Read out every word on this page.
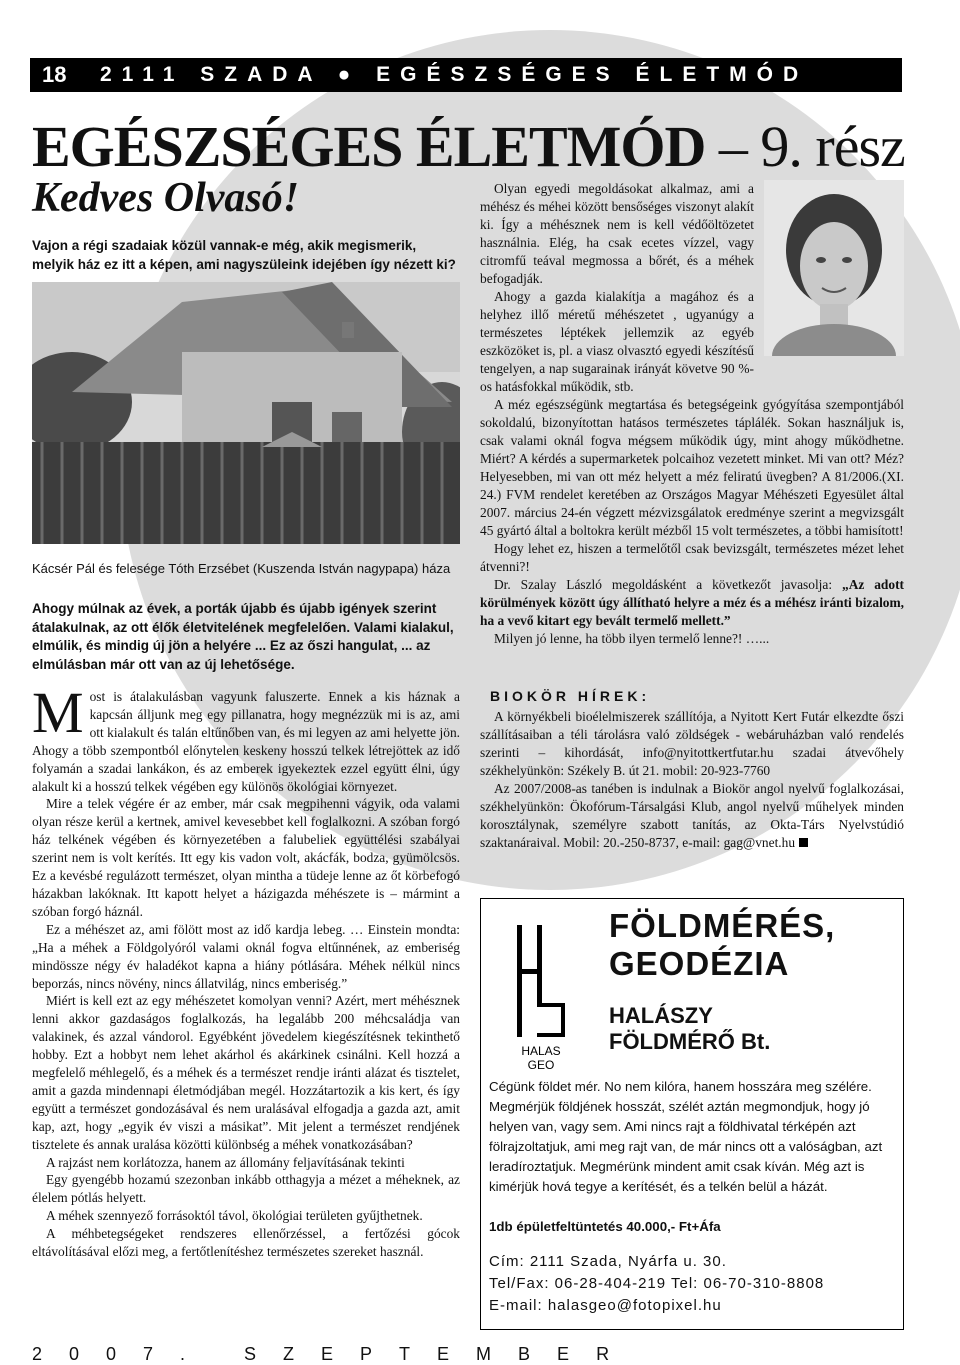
18	2111 SZADA ● EGÉSZSÉGES ÉLETMÓD
EGÉSZSÉGES ÉLETMÓD – 9. rész
Kedves Olvasó!
Vajon a régi szadaiak közül vannak-e még, akik megismerik, melyik ház ez itt a képen, ami nagyszüleink idejében így nézett ki?
Kácsér Pál és felesége Tóth Erzsébet (Kuszenda István nagypapa) háza
Ahogy múlnak az évek, a porták újabb és újabb igények szerint átalakulnak, az ott élők életvitelének megfelelően. Valami kialakul, elmúlik, és mindig új jön a helyére ... Ez az őszi hangulat, ... az elmúlásban már ott van az új lehetősége.

Most is átalakulásban vagyunk faluszerte. Ennek a kis háznak a kapcsán álljunk meg egy pillanatra, hogy megnézzük mi is az, ami ott kialakult és talán eltűnőben van, és mi legyen az ami helyette jön. Ahogy a több szempontból előnytelen keskeny hosszú telkek létrejöttek az idő folyamán a szadai lankákon, és az emberek igyekeztek ezzel együtt élni, úgy alakult ki a hosszú telkek végében egy különös ökológiai környezet.

Mire a telek végére ér az ember, már csak megpihenni vágyik, oda valami olyan része kerül a kertnek, amivel kevesebbet kell foglalkozni. A szóban forgó ház telkének végében és környezetében a falubeliek együttélési szabályai szerint nem is volt kerítés. Itt egy kis vadon volt, akácfák, bodza, gyümölcsös. Ez a kevésbé regulázott természet, olyan mintha a tüdeje lenne az őt körbefogó házakban lakóknak. Itt kapott helyet a házigazda méhészete is – mármint a szóban forgó háznál.

Ez a méhészet az, ami fölött most az idő kardja lebeg. … Einstein mondta: „Ha a méhek a Földgolyóról valami oknál fogva eltűnnének, az emberiség mindössze négy év haladékot kapna a hiány pótlására. Méhek nélkül nincs beporzás, nincs növény, nincs állatvilág, nincs emberiség.”

Miért is kell ezt az egy méhészetet komolyan venni? Azért, mert méhésznek lenni akkor gazdaságos foglalkozás, ha legalább 200 méhcsaládja van valakinek, és azzal vándorol. Egyébként jövedelem kiegészítésnek tekinthető hobby. Ezt a hobbyt nem lehet akárhol és akárkinek csinálni. Kell hozzá a megfelelő méhlegelő, és a méhek és a természet rendje iránti alázat és tisztelet, amit a gazda mindennapi életmódjában megél. Hozzátartozik a kis kert, és így együtt a természet gondozásával és nem uralásával elfogadja a gazda azt, amit kap, azt, hogy „egyik év viszi a másikat”. Mit jelent a természet rendjének tisztelete és annak uralása közötti különbség a méhek vonatkozásában?

A rajzást nem korlátozza, hanem az állomány feljavításának tekinti

Egy gyengébb hozamú szezonban inkább otthagyja a mézet a méheknek, az élelem pótlás helyett.

A méhek szennyező forrásoktól távol, ökológiai területen gyűjthetnek.

A méhbetegségeket rendszeres ellenőrzéssel, a fertőzési gócok eltávolításával előzi meg, a fertőtlenítéshez természetes szereket használ.

Olyan egyedi megoldásokat alkalmaz, ami a méhész és méhei között bensőséges viszonyt alakít ki. Így a méhésznek nem is kell védőöltözetet használnia. Elég, ha csak ecetes vízzel, vagy citromfű teával megmossa a bőrét, és a méhek befogadják.

Ahogy a gazda kialakítja a magához és a helyhez illő méretű méhészetet , ugyanúgy a természetes léptékek jellemzik az egyéb eszközöket is, pl. a viasz olvasztó egyedi készítésű tengelyen, a nap sugarainak irányát követve 90 %-os hatásfokkal működik, stb.

A méz egészségünk megtartása és betegségeink gyógyítása szempontjából sokoldalú, bizonyítottan hatásos természetes táplálék. Sokan használjuk is, csak valami oknál fogva mégsem működik úgy, mint ahogy működhetne. Miért? A kérdés a supermarketek polcaihoz vezetett minket. Mi van ott? Méz? Helyesebben, mi van ott méz helyett a méz feliratú üvegben? A 81/2006.(XI. 24.) FVM rendelet keretében az Országos Magyar Méhészeti Egyesület által 2007. március 24-én végzett mézvizsgálatok eredménye szerint a megvizsgált 45 gyártó által a boltokra került mézből 15 volt természetes, a többi hamisított!

Hogy lehet ez, hiszen a termelőtől csak bevizsgált, természetes mézet lehet átvenni?!

Dr. Szalay László megoldásként a következőt javasolja: „Az adott körülmények között úgy állítható helyre a méz és a méhész iránti bizalom, ha a vevő kitart egy bevált termelő mellett.”

Milyen jó lenne, ha több ilyen termelő lenne?! …...

BIOKÖR HÍREK:

A környékbeli bioélelmiszerek szállítója, a Nyitott Kert Futár elkezdte őszi szállításaiban a téli tárolásra való zöldségek - webáruházban való rendelés szerinti – kihordását, info@nyitottkertfutar.hu szadai átvevőhely székhelyünkön: Székely B. út 21. mobil: 20-923-7760

Az 2007/2008-as tanében is indulnak a Biokör angol nyelvű foglalkozásai, székhelyünkön: Ökofórum-Társalgási Klub, angol nyelvű műhelyek minden korosztálynak, személyre szabott tanítás, az Okta-Társ Nyelvstúdió szaktanáraival. Mobil: 20.-250-8737, e-mail: gag@vnet.hu

HALAS
GEO
FÖLDMÉRÉS,
GEODÉZIA
HALÁSZY
FÖLDMÉRŐ Bt.
Cégünk földet mér. No nem kilóra, hanem hosszára meg szélére. Megmérjük földjének hosszát, szélét aztán megmondjuk, hogy jó helyen van, vagy sem. Ami nincs rajt a földhivatal térképén azt fölrajzoltatjuk, ami meg rajt van, de már nincs ott a valóságban, azt leradíroztatjuk. Megmérünk mindent amit csak kíván. Még azt is kimérjük hová tegye a kerítését, és a telkén belül a házát.
1db épületfeltüntetés 40.000,- Ft+Áfa
Cím: 2111 Szada, Nyárfa u. 30.
Tel/Fax: 06-28-404-219 Tel: 06-70-310-8808
E-mail: halasgeo@fotopixel.hu
2007. SZEPTEMBER
